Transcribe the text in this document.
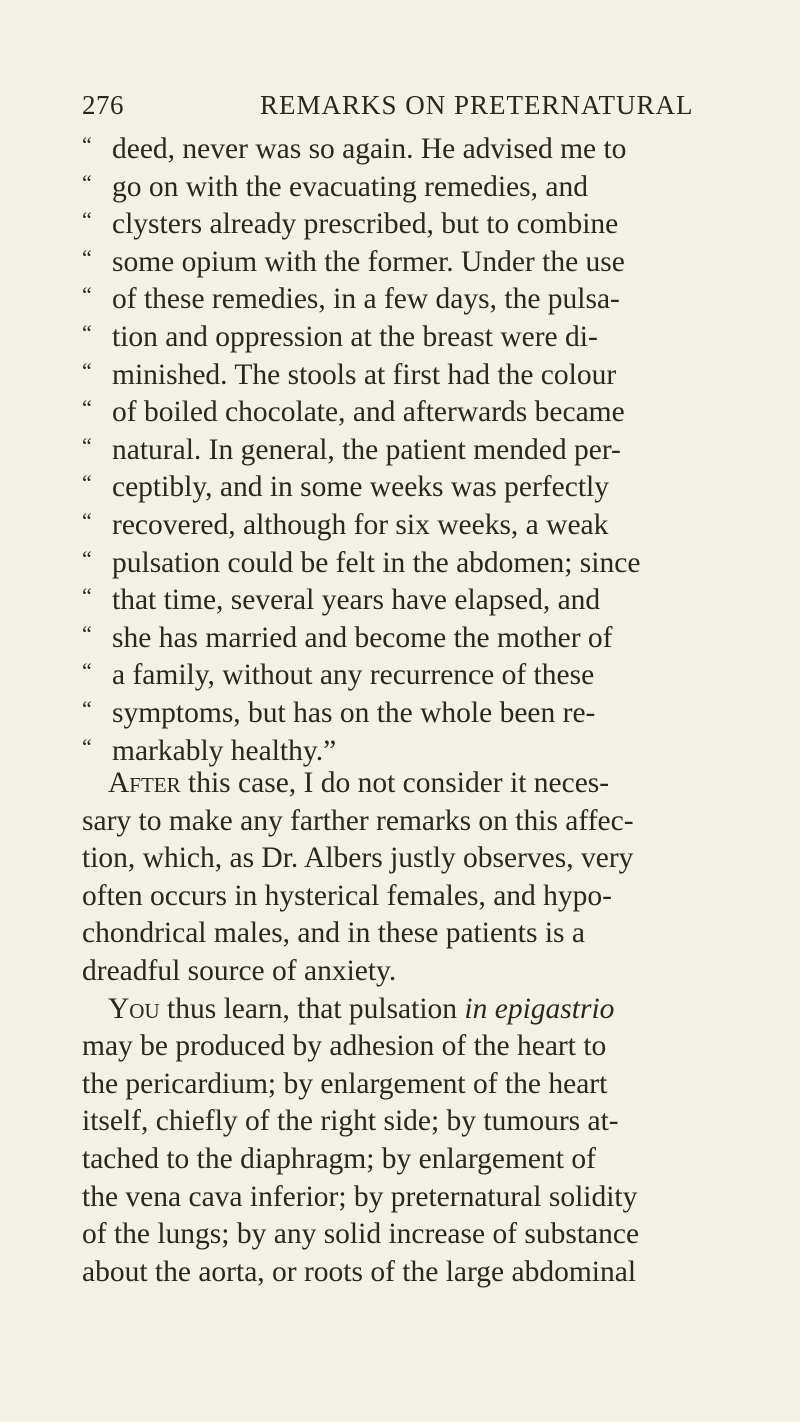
276	REMARKS ON PRETERNATURAL
“ deed, never was so again. He advised me to
“ go on with the evacuating remedies, and
“ clysters already prescribed, but to combine
“ some opium with the former. Under the use
“ of these remedies, in a few days, the pulsa-
“ tion and oppression at the breast were di-
“ minished. The stools at first had the colour
“ of boiled chocolate, and afterwards became
“ natural. In general, the patient mended per-
“ ceptibly, and in some weeks was perfectly
“ recovered, although for six weeks, a weak
“ pulsation could be felt in the abdomen; since
“ that time, several years have elapsed, and
“ she has married and become the mother of
“ a family, without any recurrence of these
“ symptoms, but has on the whole been re-
“ markably healthy.”
After this case, I do not consider it neces-
sary to make any farther remarks on this affec-
tion, which, as Dr. Albers justly observes, very
often occurs in hysterical females, and hypo-
chondrical males, and in these patients is a
dreadful source of anxiety.
You thus learn, that pulsation in epigastrio
may be produced by adhesion of the heart to
the pericardium; by enlargement of the heart
itself, chiefly of the right side; by tumours at-
tached to the diaphragm; by enlargement of
the vena cava inferior; by preternatural solidity
of the lungs; by any solid increase of substance
about the aorta, or roots of the large abdominal
